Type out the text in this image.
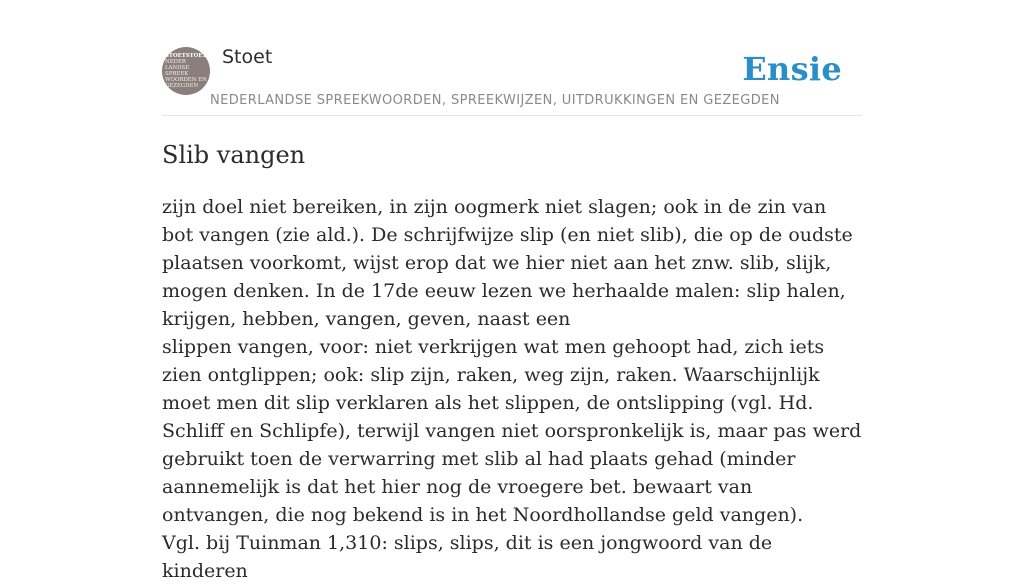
STOETSTOET
NEDER
LANDSE
SPREEK
WOORDEN EN
GEZEGDEN
Stoet
NEDERLANDSE SPREEKWOORDEN, SPREEKWIJZEN, UITDRUKKINGEN EN GEZEGDEN
Ensie
Slib vangen

zijn doel niet bereiken, in zijn oogmerk niet slagen; ook in de zin van bot vangen (zie ald.). De schrijfwijze slip (en niet slib), die op de oudste plaatsen voorkomt, wijst erop dat we hier niet aan het znw. slib, slijk, mogen denken. In de 17de eeuw lezen we herhaalde malen: slip halen, krijgen, hebben, vangen, geven, naast een

slippen vangen, voor: niet verkrijgen wat men gehoopt had, zich iets zien ontglippen; ook: slip zijn, raken, weg zijn, raken. Waarschijnlijk moet men dit slip verklaren als het slippen, de ontslipping (vgl. Hd. Schliff en Schlipfe), terwijl vangen niet oorspronkelijk is, maar pas werd gebruikt toen de verwarring met slib al had plaats gehad (minder aannemelijk is dat het hier nog de vroegere bet. bewaart van ontvangen, die nog bekend is in het Noordhollandse geld vangen).

Vgl. bij Tuinman 1,310: slips, slips, dit is een jongwoord van de kinderen
